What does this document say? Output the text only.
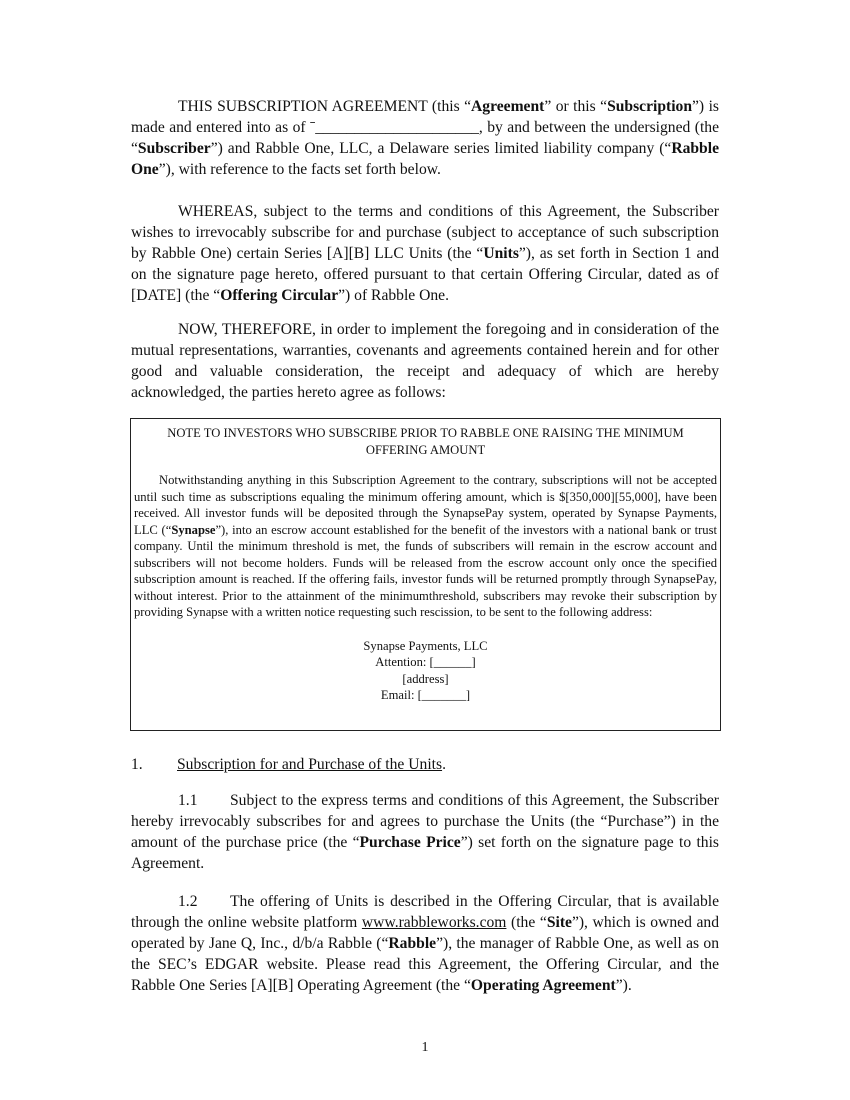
THIS SUBSCRIPTION AGREEMENT (this “Agreement” or this “Subscription”) is made and entered into as of ˉ_____________________, by and between the undersigned (the “Subscriber”) and Rabble One, LLC, a Delaware series limited liability company (“Rabble One”), with reference to the facts set forth below.

WHEREAS, subject to the terms and conditions of this Agreement, the Subscriber wishes to irrevocably subscribe for and purchase (subject to acceptance of such subscription by Rabble One) certain Series [A][B] LLC Units (the “Units”), as set forth in Section 1 and on the signature page hereto, offered pursuant to that certain Offering Circular, dated as of [DATE] (the “Offering Circular”) of Rabble One.

NOW, THEREFORE, in order to implement the foregoing and in consideration of the mutual representations, warranties, covenants and agreements contained herein and for other good and valuable consideration, the receipt and adequacy of which are hereby acknowledged, the parties hereto agree as follows:

NOTE TO INVESTORS WHO SUBSCRIBE PRIOR TO RABBLE ONE RAISING THE MINIMUM OFFERING AMOUNT
Notwithstanding anything in this Subscription Agreement to the contrary, subscriptions will not be accepted until such time as subscriptions equaling the minimum offering amount, which is $[350,000][55,000], have been received. All investor funds will be deposited through the SynapsePay system, operated by Synapse Payments, LLC (“Synapse”), into an escrow account established for the benefit of the investors with a national bank or trust company. Until the minimum threshold is met, the funds of subscribers will remain in the escrow account and subscribers will not become holders. Funds will be released from the escrow account only once the specified subscription amount is reached. If the offering fails, investor funds will be returned promptly through SynapsePay, without interest. Prior to the attainment of the minimumthreshold, subscribers may revoke their subscription by providing Synapse with a written notice requesting such rescission, to be sent to the following address:
Synapse Payments, LLC
Attention: [______]
[address]
Email: [_______]
1. Subscription for and Purchase of the Units.

1.1 Subject to the express terms and conditions of this Agreement, the Subscriber hereby irrevocably subscribes for and agrees to purchase the Units (the “Purchase”) in the amount of the purchase price (the “Purchase Price”) set forth on the signature page to this Agreement.

1.2 The offering of Units is described in the Offering Circular, that is available through the online website platform www.rabbleworks.com (the “Site”), which is owned and operated by Jane Q, Inc., d/b/a Rabble (“Rabble”), the manager of Rabble One, as well as on the SEC’s EDGAR website. Please read this Agreement, the Offering Circular, and the Rabble One Series [A][B] Operating Agreement (the “Operating Agreement”).

1
